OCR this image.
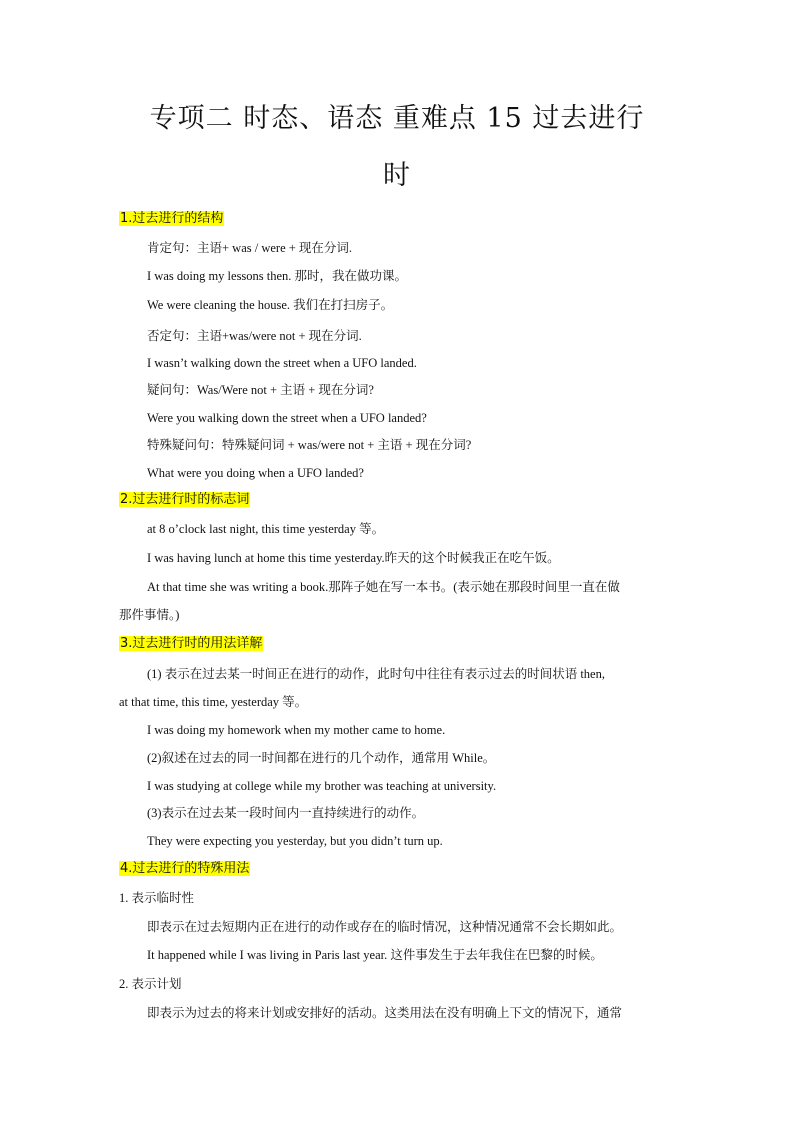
专项二 时态、语态 重难点 15 过去进行
时
1.过去进行的结构
肯定句：主语+ was / were + 现在分词.
I was doing my lessons then. 那时，我在做功课。
We were cleaning the house. 我们在打扫房子。
否定句：主语+was/were not + 现在分词.
I wasn’t walking down the street when a UFO landed.
疑问句：Was/Were not + 主语 + 现在分词?
Were you walking down the street when a UFO landed?
特殊疑问句：特殊疑问词 + was/were not + 主语 + 现在分词?
What were you doing when a UFO landed?
2.过去进行时的标志词
at 8 o’clock last night, this time yesterday 等。
I was having lunch at home this time yesterday.昨天的这个时候我正在吃午饭。
At that time she was writing a book.那阵子她在写一本书。(表示她在那段时间里一直在做
那件事情。)
3.过去进行时的用法详解
(1) 表示在过去某一时间正在进行的动作，此时句中往往有表示过去的时间状语 then,
at that time, this time, yesterday 等。
I was doing my homework when my mother came to home.
(2)叙述在过去的同一时间都在进行的几个动作，通常用 While。
I was studying at college while my brother was teaching at university.
(3)表示在过去某一段时间内一直持续进行的动作。
They were expecting you yesterday, but you didn’t turn up.
4.过去进行的特殊用法
1. 表示临时性
即表示在过去短期内正在进行的动作或存在的临时情况，这种情况通常不会长期如此。
It happened while I was living in Paris last year. 这件事发生于去年我住在巴黎的时候。
2. 表示计划
即表示为过去的将来计划或安排好的活动。这类用法在没有明确上下文的情况下，通常
